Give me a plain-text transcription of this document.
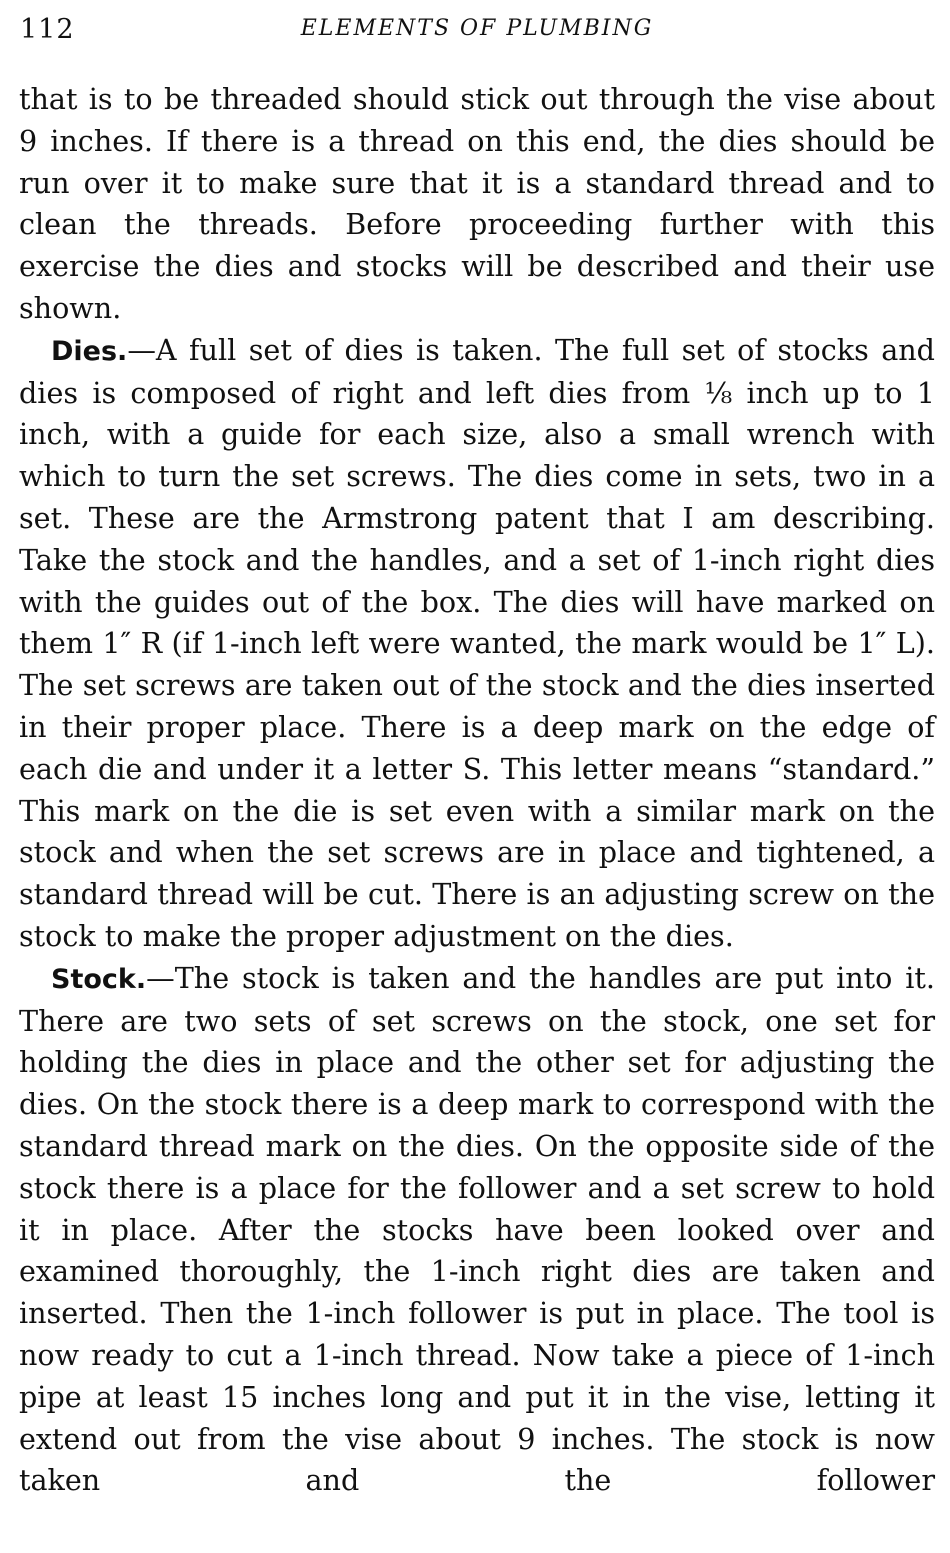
112	ELEMENTS OF PLUMBING

that is to be threaded should stick out through the vise about 9 inches. If there is a thread on this end, the dies should be run over it to make sure that it is a standard thread and to clean the threads. Before proceeding further with this exercise the dies and stocks will be described and their use shown.

Dies.—A full set of dies is taken. The full set of stocks and dies is composed of right and left dies from ⅛ inch up to 1 inch, with a guide for each size, also a small wrench with which to turn the set screws. The dies come in sets, two in a set. These are the Armstrong patent that I am describing. Take the stock and the handles, and a set of 1-inch right dies with the guides out of the box. The dies will have marked on them 1″ R (if 1-inch left were wanted, the mark would be 1″ L). The set screws are taken out of the stock and the dies inserted in their proper place. There is a deep mark on the edge of each die and under it a letter S. This letter means “standard.” This mark on the die is set even with a similar mark on the stock and when the set screws are in place and tightened, a standard thread will be cut. There is an adjusting screw on the stock to make the proper adjustment on the dies.

Stock.—The stock is taken and the handles are put into it. There are two sets of set screws on the stock, one set for holding the dies in place and the other set for adjusting the dies. On the stock there is a deep mark to correspond with the standard thread mark on the dies. On the opposite side of the stock there is a place for the follower and a set screw to hold it in place. After the stocks have been looked over and examined thoroughly, the 1-inch right dies are taken and inserted. Then the 1-inch follower is put in place. The tool is now ready to cut a 1-inch thread. Now take a piece of 1-inch pipe at least 15 inches long and put it in the vise, letting it extend out from the vise about 9 inches. The stock is now taken and the follower
